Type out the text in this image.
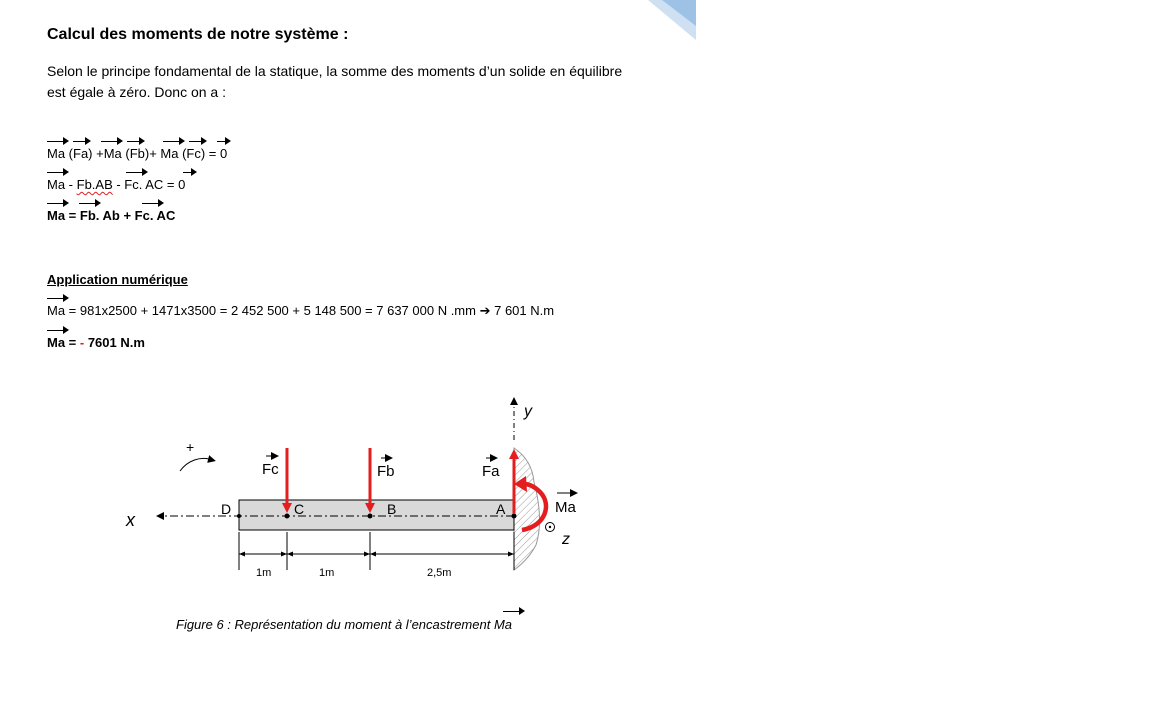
Calcul des moments de notre système :
Selon le principe fondamental de la statique, la somme des moments d’un solide en équilibre
est égale à zéro. Donc on a :
Ma (Fa) +Ma (Fb)+ Ma (Fc) = 0
Ma - Fb.AB - Fc. AC = 0
Ma = Fb. Ab + Fc. AC
Application numérique
Ma = 981x2500 + 1471x3500 = 2 452 500 + 5 148 500 = 7 637 000 N .mm ➔ 7 601 N.m
Ma = - 7601 N.m
y
x
D	C	B	A
Fc	Fb	Fa
Ma
z
+
1m	1m	2,5m
Figure 6 : Représentation du moment à l’encastrement Ma
